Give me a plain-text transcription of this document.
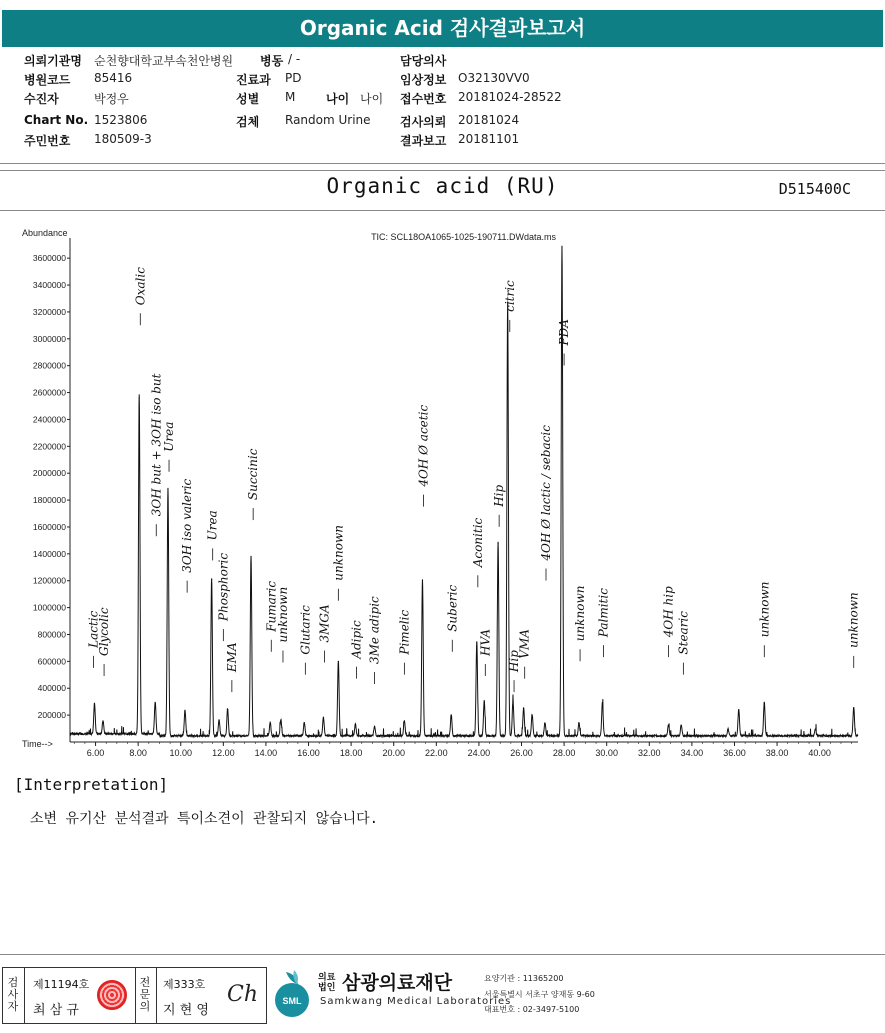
Organic Acid 검사결과보고서
의뢰기관명 순천향대학교부속천안병원 병동 / -	담당의사
병원코드 85416	진료과 PD	임상정보 O32130VV0
수진자	박정우	성별 M	나이 나이 접수번호 20181024-28522
Chart No. 1523806	검체 Random Urine 검사의뢰 20181024
주민번호 180509-3	결과보고 20181101
Organic acid (RU)	D515400C
Abundance
Time-->
TIC: SCL18OA1065-1025-190711.DWdata.ms
200000
400000
600000
800000
1000000
1200000
1400000
1600000
1800000
2000000
2200000
2400000
2600000
2800000
3000000
3200000
3400000
3600000
6.00	8.00	10.00 12.00 14.00 16.00 18.00 20.00 22.00 24.00 26.00 28.00 30.00 32.00 34.00 36.00 38.00 40.00
Lactic
Glycolic
Oxalic
3OH but + 3OH iso but
Urea
3OH iso valeric Urea
Phosphoric
EMA
Succinic
Fumaric
unknown Glutaric 3MGA
unknown
Adipic 3Me adipic Pimelic
4OH Ø acetic
Suberic
Aconitic
HVA
Hip
citric
Hip
VMA
4OH Ø lactic / sebacic
PDA
unknown Palmitic	4OH hip Stearic	unknown	unknown
[Interpretation]
소변 유기산 분석결과 특이소견이 관찰되지 않습니다.
검사자
제11194호
최 삼 규
전문의
제333호
지 현 영
Ch	SML
의료법인 삼광의료재단
Samkwang Medical Laboratories
요양기관 : 11365200
서울특별시 서초구 양재동 9-60
대표번호 : 02-3497-5100
